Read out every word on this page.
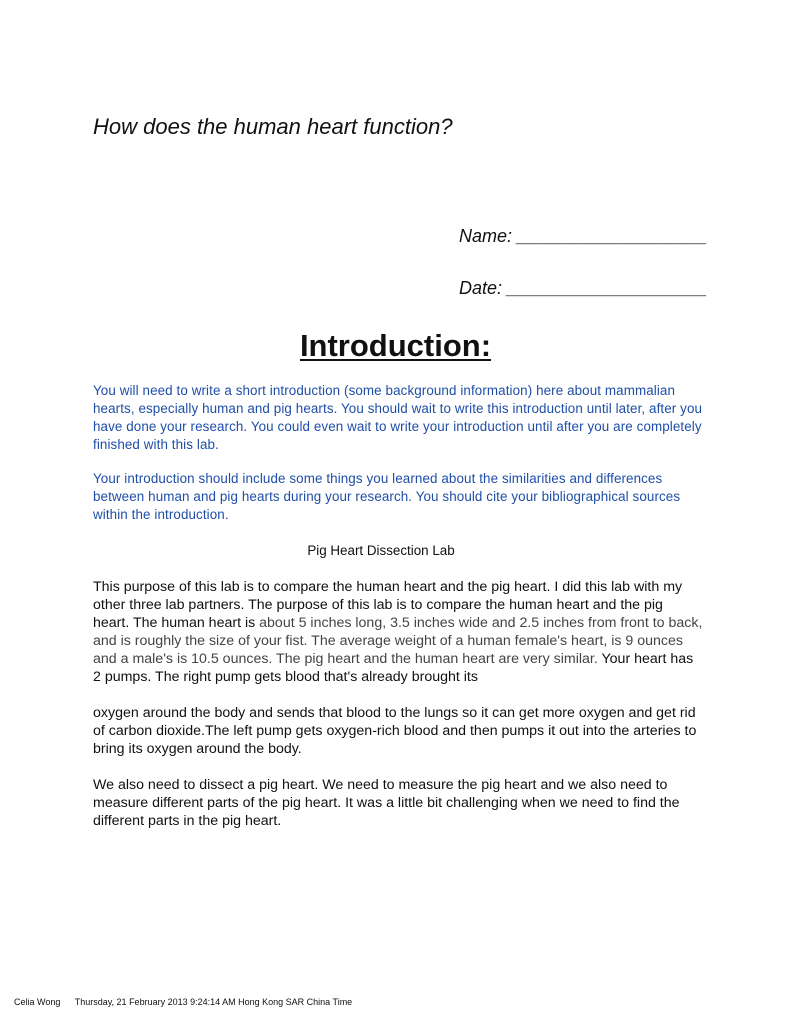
How does the human heart function?
Name: ___________________
Date: ____________________
Introduction:

You will need to write a short introduction (some background information) here about mammalian hearts, especially human and pig hearts. You should wait to write this introduction until later, after you have done your research. You could even wait to write your introduction until after you are completely finished with this lab.

Your introduction should include some things you learned about the similarities and differences between human and pig hearts during your research. You should cite your bibliographical sources within the introduction.

Pig Heart Dissection Lab
This purpose of this lab is to compare the human heart and the pig heart. I did this lab with my other three lab partners. The purpose of this lab is to compare the human heart and the pig heart. The human heart is about 5 inches long, 3.5 inches wide and 2.5 inches from front to back, and is roughly the size of your fist. The average weight of a human female's heart, is 9 ounces and a male's is 10.5 ounces. The pig heart and the human heart are very similar. Your heart has 2 pumps. The right pump gets blood that's already brought its
oxygen around the body and sends that blood to the lungs so it can get more oxygen and get rid of carbon dioxide.The left pump gets oxygen-rich blood and then pumps it out into the arteries to bring its oxygen around the body.
We also need to dissect a pig heart. We need to measure the pig heart and we also need to measure different parts of the pig heart. It was a little bit challenging when we need to find the different parts in the pig heart.
Celia Wong Thursday, 21 February 2013 9:24:14 AM Hong Kong SAR China Time
